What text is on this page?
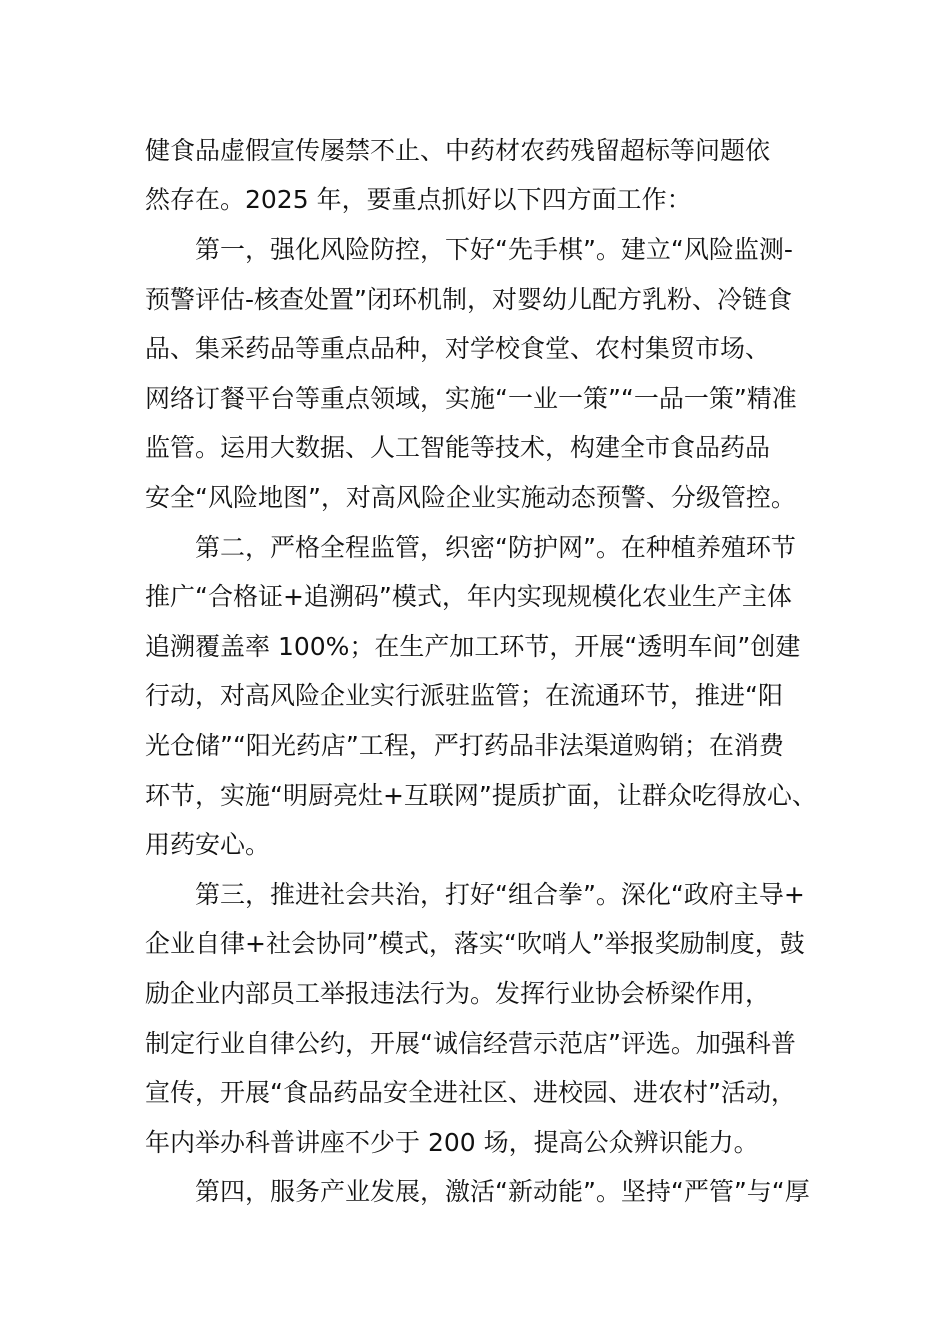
健食品虚假宣传屡禁不止、中药材农药残留超标等问题依
然存在。2025 年，要重点抓好以下四方面工作：
第一，强化风险防控，下好“先手棋”。建立“风险监测-
预警评估-核查处置”闭环机制，对婴幼儿配方乳粉、冷链食
品、集采药品等重点品种，对学校食堂、农村集贸市场、
网络订餐平台等重点领域，实施“一业一策”“一品一策”精准
监管。运用大数据、人工智能等技术，构建全市食品药品
安全“风险地图”，对高风险企业实施动态预警、分级管控。
第二，严格全程监管，织密“防护网”。在种植养殖环节
推广“合格证+追溯码”模式，年内实现规模化农业生产主体
追溯覆盖率 100%；在生产加工环节，开展“透明车间”创建
行动，对高风险企业实行派驻监管；在流通环节，推进“阳
光仓储”“阳光药店”工程，严打药品非法渠道购销；在消费
环节，实施“明厨亮灶+互联网”提质扩面，让群众吃得放心、
用药安心。
第三，推进社会共治，打好“组合拳”。深化“政府主导+
企业自律+社会协同”模式，落实“吹哨人”举报奖励制度，鼓
励企业内部员工举报违法行为。发挥行业协会桥梁作用，
制定行业自律公约，开展“诚信经营示范店”评选。加强科普
宣传，开展“食品药品安全进社区、进校园、进农村”活动，
年内举办科普讲座不少于 200 场，提高公众辨识能力。
第四，服务产业发展，激活“新动能”。坚持“严管”与“厚
